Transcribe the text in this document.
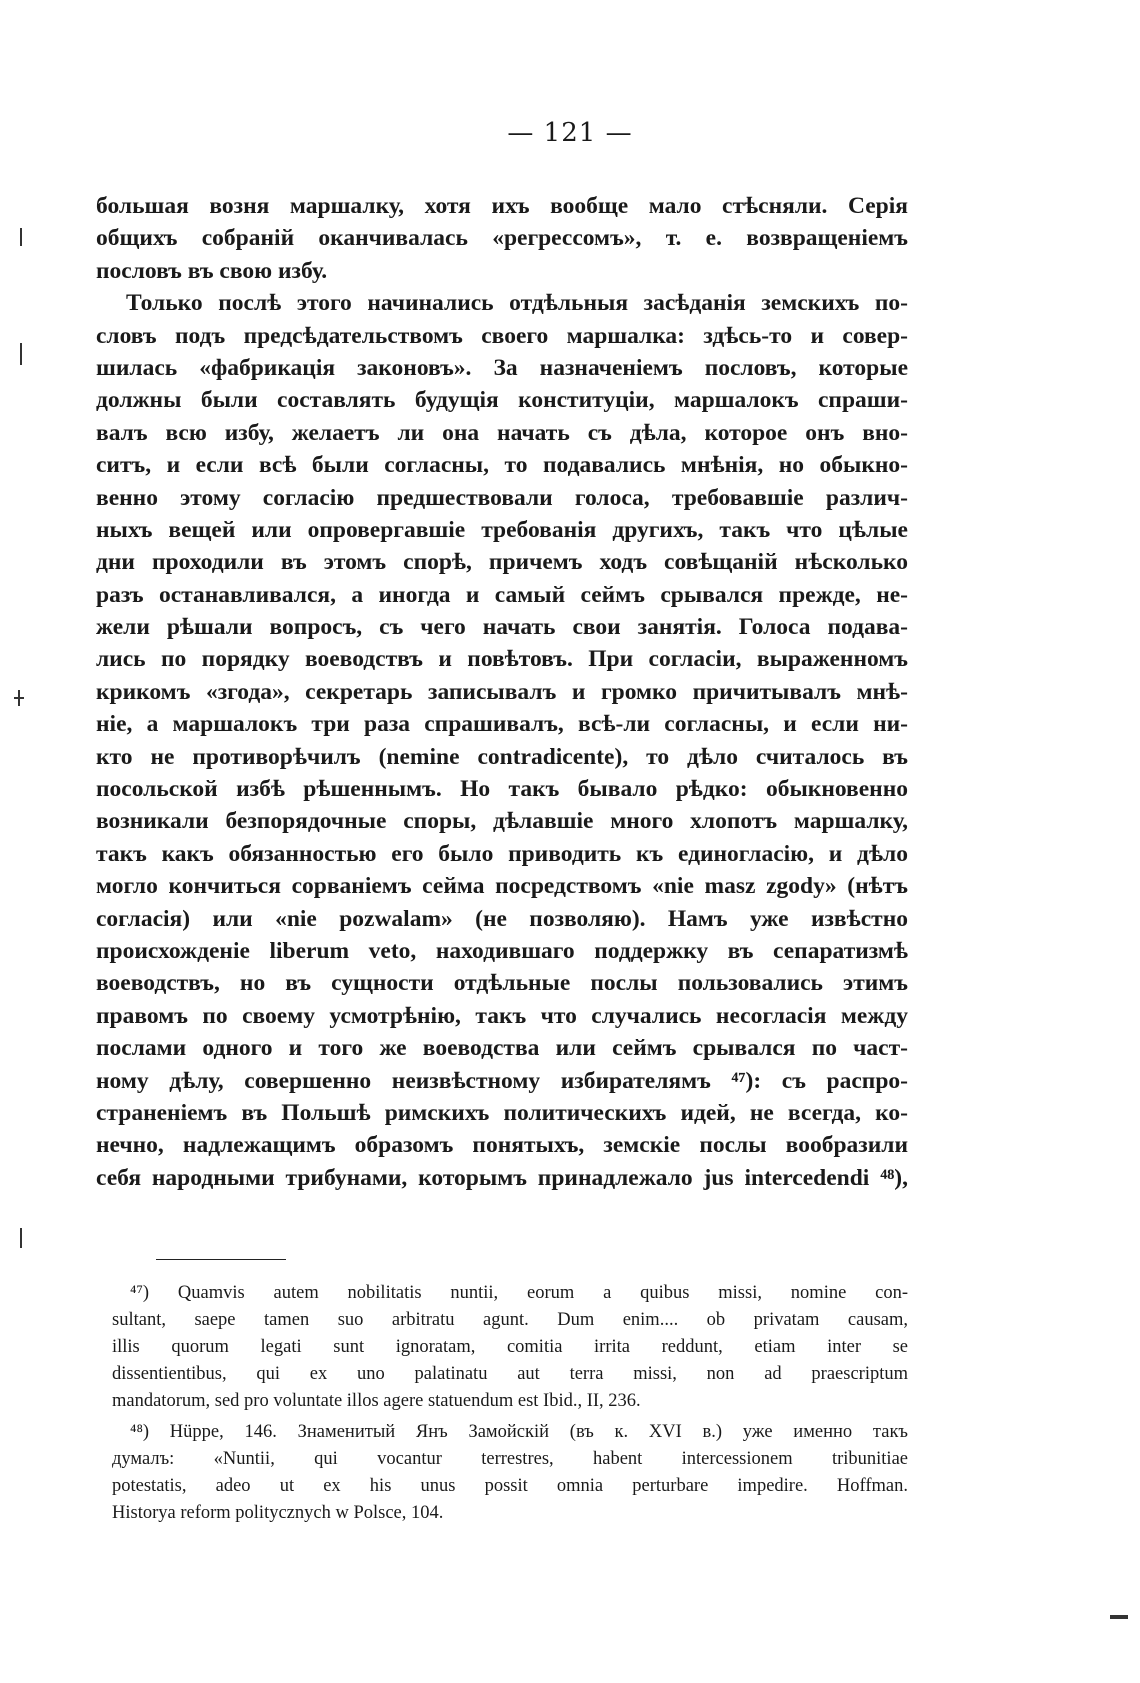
— 121 —
большая возня маршалку, хотя ихъ вообще мало стѣсняли. Серія
общихъ собраній оканчивалась «регрессомъ», т. е. возвращеніемъ
пословъ въ свою избу.
Только послѣ этого начинались отдѣльныя засѣданія земскихъ по-
словъ подъ предсѣдательствомъ своего маршалка: здѣсь-то и совер-
шилась «фабрикація законовъ». За назначеніемъ пословъ, которые
должны были составлять будущія конституціи, маршалокъ спраши-
валъ всю избу, желаетъ ли она начать съ дѣла, которое онъ вно-
ситъ, и если всѣ были согласны, то подавались мнѣнія, но обыкно-
венно этому согласію предшествовали голоса, требовавшіе различ-
ныхъ вещей или опровергавшіе требованія другихъ, такъ что цѣлые
дни проходили въ этомъ спорѣ, причемъ ходъ совѣщаній нѣсколько
разъ останавливался, а иногда и самый сеймъ срывался прежде, не-
жели рѣшали вопросъ, съ чего начать свои занятія. Голоса подава-
лись по порядку воеводствъ и повѣтовъ. При согласіи, выраженномъ
крикомъ «згода», секретарь записывалъ и громко причитывалъ мнѣ-
ніе, а маршалокъ три раза спрашивалъ, всѣ-ли согласны, и если ни-
кто не противорѣчилъ (nemine contradicente), то дѣло считалось въ
посольской избѣ рѣшеннымъ. Но такъ бывало рѣдко: обыкновенно
возникали безпорядочные споры, дѣлавшіе много хлопотъ маршалку,
такъ какъ обязанностью его было приводить къ единогласію, и дѣло
могло кончиться сорваніемъ сейма посредствомъ «nie masz zgody» (нѣтъ
согласія) или «nie pozwalam» (не позволяю). Намъ уже извѣстно
происхожденіе liberum veto, находившаго поддержку въ сепаратизмѣ
воеводствъ, но въ сущности отдѣльные послы пользовались этимъ
правомъ по своему усмотрѣнію, такъ что случались несогласія между
послами одного и того же воеводства или сеймъ срывался по част-
ному дѣлу, совершенно неизвѣстному избирателямъ ⁴⁷): съ распро-
страненіемъ въ Польшѣ римскихъ политическихъ идей, не всегда, ко-
нечно, надлежащимъ образомъ понятыхъ, земскіе послы вообразили
себя народными трибунами, которымъ принадлежало jus intercedendi ⁴⁸),
⁴⁷) Quamvis autem nobilitatis nuntii, eorum a quibus missi, nomine con-
sultant, saepe tamen suo arbitratu agunt. Dum enim.... ob privatam causam,
illis quorum legati sunt ignoratam, comitia irrita reddunt, etiam inter se
dissentientibus, qui ex uno palatinatu aut terra missi, non ad praescriptum
mandatorum, sed pro voluntate illos agere statuendum est Ibid., II, 236.
⁴⁸) Hüppe, 146. Знаменитый Янъ Замойскій (въ к. XVI в.) уже именно такъ
думалъ: «Nuntii, qui vocantur terrestres, habent intercessionem tribunitiae
potestatis, adeo ut ex his unus possit omnia perturbare impedire. Hoffman.
Historya reform politycznych w Polsce, 104.
